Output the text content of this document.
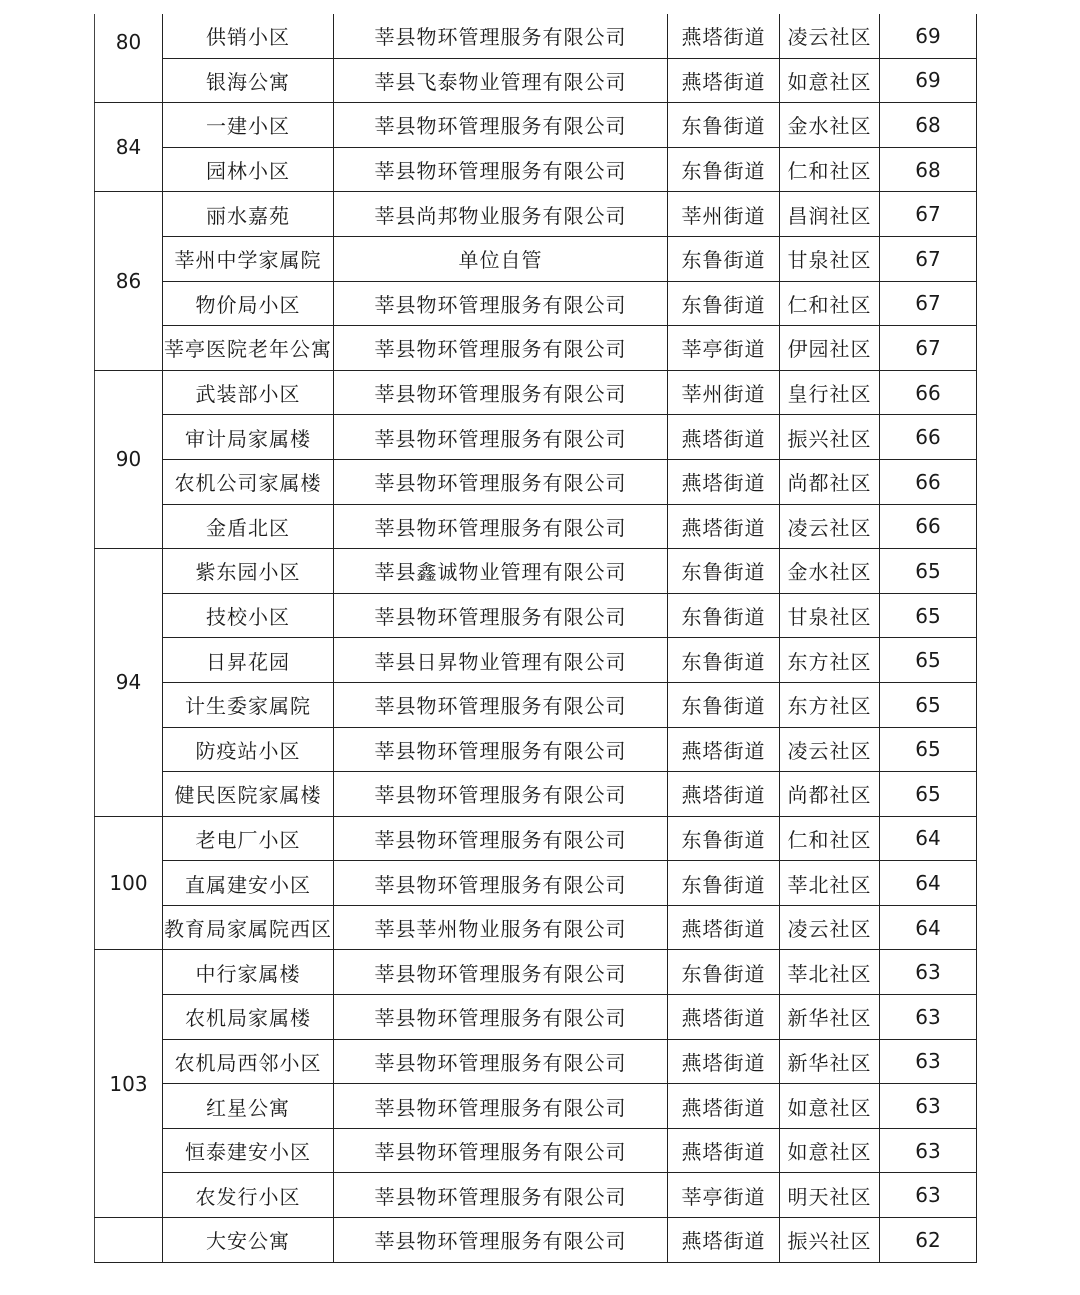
80	供销小区	莘县物环管理服务有限公司	燕塔街道	凌云社区	69
	银海公寓	莘县飞泰物业管理有限公司	燕塔街道	如意社区	69
84	一建小区	莘县物环管理服务有限公司	东鲁街道	金水社区	68
	园林小区	莘县物环管理服务有限公司	东鲁街道	仁和社区	68
86	丽水嘉苑	莘县尚邦物业服务有限公司	莘州街道	昌润社区	67
	莘州中学家属院	单位自管	东鲁街道	甘泉社区	67
	物价局小区	莘县物环管理服务有限公司	东鲁街道	仁和社区	67
	莘亭医院老年公寓	莘县物环管理服务有限公司	莘亭街道	伊园社区	67
90	武装部小区	莘县物环管理服务有限公司	莘州街道	皇行社区	66
	审计局家属楼	莘县物环管理服务有限公司	燕塔街道	振兴社区	66
	农机公司家属楼	莘县物环管理服务有限公司	燕塔街道	尚都社区	66
	金盾北区	莘县物环管理服务有限公司	燕塔街道	凌云社区	66
94	紫东园小区	莘县鑫诚物业管理有限公司	东鲁街道	金水社区	65
	技校小区	莘县物环管理服务有限公司	东鲁街道	甘泉社区	65
	日昇花园	莘县日昇物业管理有限公司	东鲁街道	东方社区	65
	计生委家属院	莘县物环管理服务有限公司	东鲁街道	东方社区	65
	防疫站小区	莘县物环管理服务有限公司	燕塔街道	凌云社区	65
	健民医院家属楼	莘县物环管理服务有限公司	燕塔街道	尚都社区	65
100	老电厂小区	莘县物环管理服务有限公司	东鲁街道	仁和社区	64
	直属建安小区	莘县物环管理服务有限公司	东鲁街道	莘北社区	64
	教育局家属院西区	莘县莘州物业服务有限公司	燕塔街道	凌云社区	64
103	中行家属楼	莘县物环管理服务有限公司	东鲁街道	莘北社区	63
	农机局家属楼	莘县物环管理服务有限公司	燕塔街道	新华社区	63
	农机局西邻小区	莘县物环管理服务有限公司	燕塔街道	新华社区	63
	红星公寓	莘县物环管理服务有限公司	燕塔街道	如意社区	63
	恒泰建安小区	莘县物环管理服务有限公司	燕塔街道	如意社区	63
	农发行小区	莘县物环管理服务有限公司	莘亭街道	明天社区	63
	大安公寓	莘县物环管理服务有限公司	燕塔街道	振兴社区	62
